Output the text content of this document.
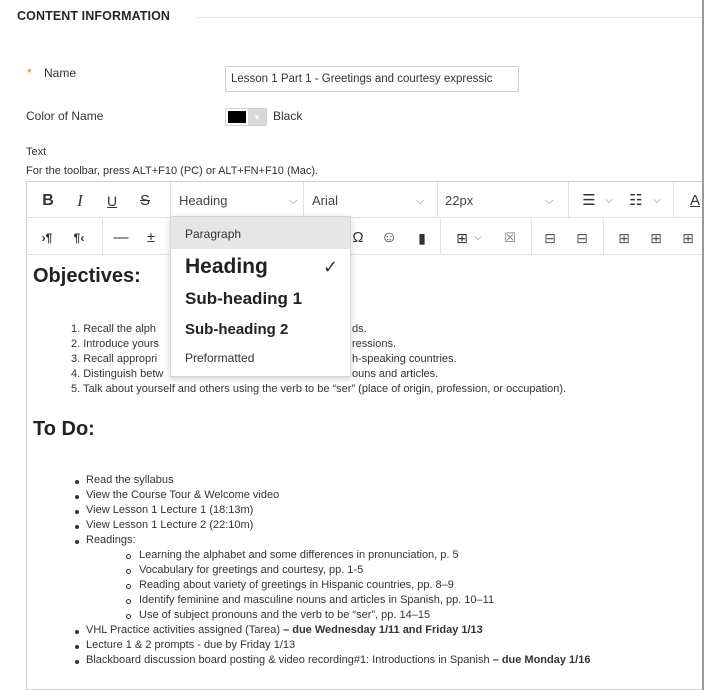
CONTENT INFORMATION
* Name
Lesson 1 Part 1 - Greetings and courtesy expressic
Color of Name	▾	Black
Text
For the toolbar, press ALT+F10 (PC) or ALT+FN+F10 (Mac).
B I U S Heading	⌵ Arial	⌵ 22px	⌵ ☰ ⌵ ☷	⌵ A
›¶	¶‹	— ±	Ω ☺ ▮ ⊞ ⌵ ☒ ⊟ ⊟ ⊞ ⊞ ⊞
Objectives:
1. Recall the alph
2. Introduce yours
3. Recall appropri
4. Distinguish betw
5. Talk about yourself and others using the verb to be “ser” (place of origin, profession, or occupation).
ds.
ressions.
h-speaking countries.
ouns and articles.
To Do:
Read the syllabus
View the Course Tour & Welcome video
View Lesson 1 Lecture 1 (18:13m)
View Lesson 1 Lecture 2 (22:10m)
Readings:
Learning the alphabet and some differences in pronunciation, p. 5
Vocabulary for greetings and courtesy, pp. 1-5
Reading about variety of greetings in Hispanic countries, pp. 8–9
Identify feminine and masculine nouns and articles in Spanish, pp. 10–11
Use of subject pronouns and the verb to be “ser”, pp. 14–15
VHL Practice activities assigned (Tarea) – due Wednesday 1/11 and Friday 1/13
Lecture 1 & 2 prompts - due by Friday 1/13
Blackboard discussion board posting & video recording#1: Introductions in Spanish – due Monday 1/16
Paragraph
Heading	✓
Sub-heading 1
Sub-heading 2
Preformatted
